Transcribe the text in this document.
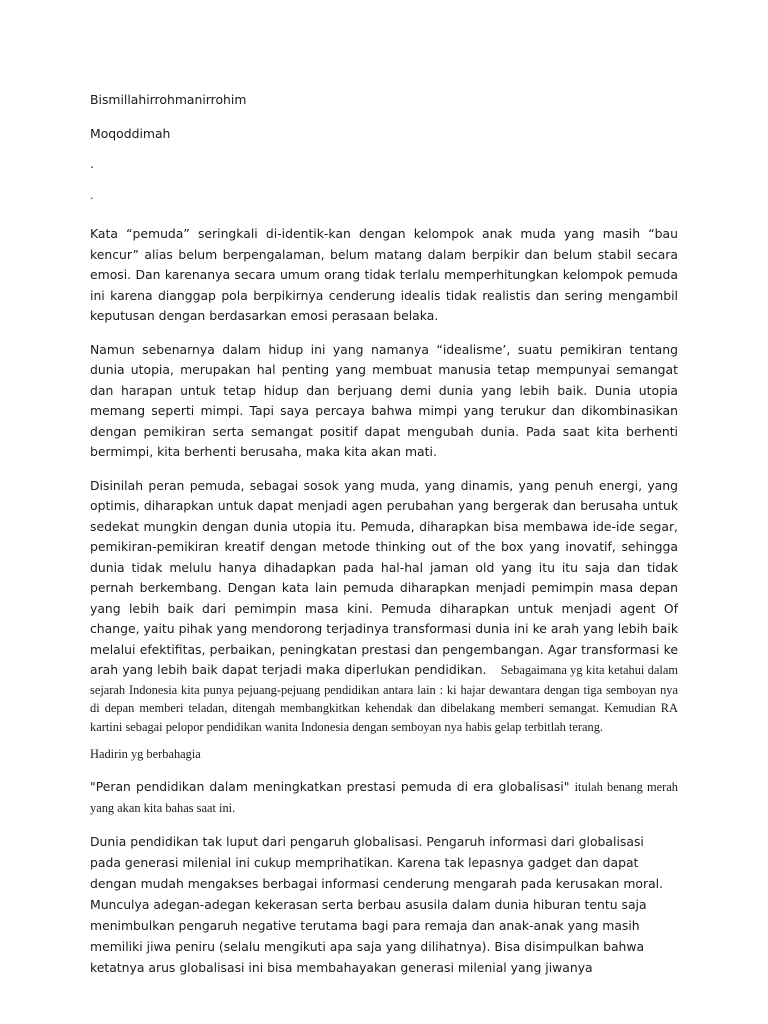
Bismillahirrohmanirrohim

Moqoddimah

.

.

Kata “pemuda” seringkali di-identik-kan dengan kelompok anak muda yang masih “bau kencur” alias belum berpengalaman, belum matang dalam berpikir dan belum stabil secara emosi. Dan karenanya secara umum orang tidak terlalu memperhitungkan kelompok pemuda ini karena dianggap pola berpikirnya cenderung idealis tidak realistis dan sering mengambil keputusan dengan berdasarkan emosi perasaan belaka.

Namun sebenarnya dalam hidup ini yang namanya “idealisme’, suatu pemikiran tentang dunia utopia, merupakan hal penting yang membuat manusia tetap mempunyai semangat dan harapan untuk tetap hidup dan berjuang demi dunia yang lebih baik. Dunia utopia memang seperti mimpi. Tapi saya percaya bahwa mimpi yang terukur dan dikombinasikan dengan pemikiran serta semangat positif dapat mengubah dunia. Pada saat kita berhenti bermimpi, kita berhenti berusaha, maka kita akan mati.

Disinilah peran pemuda, sebagai sosok yang muda, yang dinamis, yang penuh energi, yang optimis, diharapkan untuk dapat menjadi agen perubahan yang bergerak dan berusaha untuk sedekat mungkin dengan dunia utopia itu. Pemuda, diharapkan bisa membawa ide-ide segar, pemikiran-pemikiran kreatif dengan metode thinking out of the box yang inovatif, sehingga dunia tidak melulu hanya dihadapkan pada hal-hal jaman old yang itu itu saja dan tidak pernah berkembang. Dengan kata lain pemuda diharapkan menjadi pemimpin masa depan yang lebih baik dari pemimpin masa kini. Pemuda diharapkan untuk menjadi agent Of change, yaitu pihak yang mendorong terjadinya transformasi dunia ini ke arah yang lebih baik melalui efektifitas, perbaikan, peningkatan prestasi dan pengembangan. Agar transformasi ke arah yang lebih baik dapat terjadi maka diperlukan pendidikan. Sebagaimana yg kita ketahui dalam sejarah Indonesia kita punya pejuang-pejuang pendidikan antara lain : ki hajar dewantara dengan tiga semboyan nya di depan memberi teladan, ditengah membangkitkan kehendak dan dibelakang memberi semangat. Kemudian RA kartini sebagai pelopor pendidikan wanita Indonesia dengan semboyan nya habis gelap terbitlah terang.

Hadirin yg berbahagia

"Peran pendidikan dalam meningkatkan prestasi pemuda di era globalisasi" itulah benang merah yang akan kita bahas saat ini.

Dunia pendidikan tak luput dari pengaruh globalisasi. Pengaruh informasi dari globalisasi pada generasi milenial ini cukup memprihatikan. Karena tak lepasnya gadget dan dapat dengan mudah mengakses berbagai informasi cenderung mengarah pada kerusakan moral. Munculya adegan-adegan kekerasan serta berbau asusila dalam dunia hiburan tentu saja menimbulkan pengaruh negative terutama bagi para remaja dan anak-anak yang masih memiliki jiwa peniru (selalu mengikuti apa saja yang dilihatnya). Bisa disimpulkan bahwa ketatnya arus globalisasi ini bisa membahayakan generasi milenial yang jiwanya
